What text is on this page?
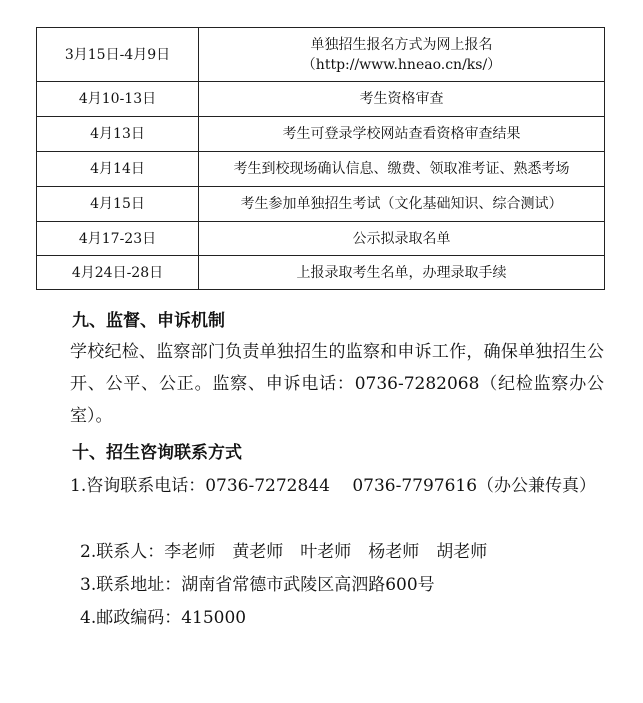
3月15日-4月9日	单独招生报名方式为网上报名
（http://www.hneao.cn/ks/）

4月10-13日	考生资格审查
4月13日	考生可登录学校网站查看资格审查结果
4月14日	考生到校现场确认信息、缴费、领取准考证、熟悉考场
4月15日	考生参加单独招生考试（文化基础知识、综合测试）
4月17-23日	公示拟录取名单
4月24日-28日	上报录取考生名单，办理录取手续
九、监督、申诉机制
学校纪检、监察部门负责单独招生的监察和申诉工作，确保单独招生公开、公平、公正。监察、申诉电话：0736-7282068（纪检监察办公室）。
十、招生咨询联系方式
1.咨询联系电话：0736-7272844　 0736-7797616（办公兼传真）
2.联系人：李老师　黄老师　叶老师　杨老师　胡老师
3.联系地址：湖南省常德市武陵区高泗路600号
4.邮政编码：415000
